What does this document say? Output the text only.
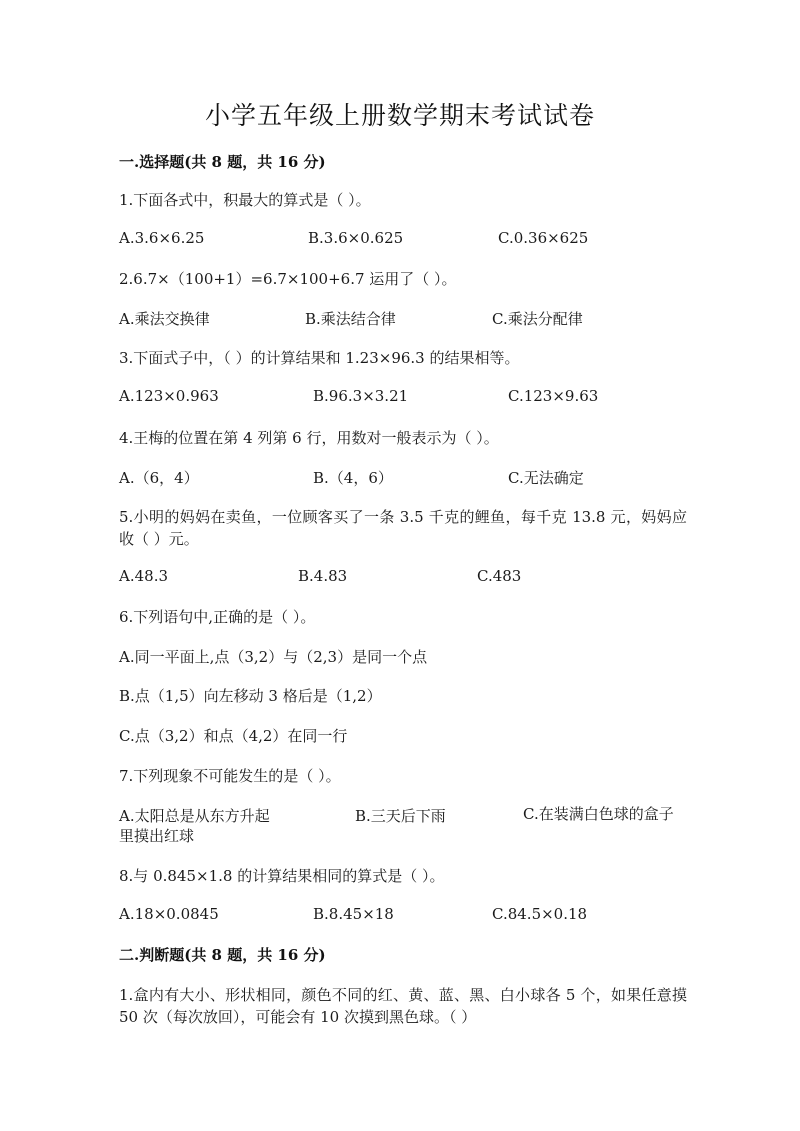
小学五年级上册数学期末考试试卷
一.选择题(共 8 题，共 16 分)
1.下面各式中，积最大的算式是（ ）。
A.3.6×6.25	B.3.6×0.625	C.0.36×625
2.6.7×（100+1）=6.7×100+6.7 运用了（ ）。
A.乘法交换律	B.乘法结合律	C.乘法分配律
3.下面式子中，（ ）的计算结果和 1.23×96.3 的结果相等。
A.123×0.963	B.96.3×3.21	C.123×9.63
4.王梅的位置在第 4 列第 6 行，用数对一般表示为（ ）。
A.（6，4）	B.（4，6）	C.无法确定
5.小明的妈妈在卖鱼，一位顾客买了一条 3.5 千克的鲤鱼，每千克 13.8 元，妈妈应收（ ）元。
A.48.3	B.4.83	C.483
6.下列语句中,正确的是（ ）。
A.同一平面上,点（3,2）与（2,3）是同一个点
B.点（1,5）向左移动 3 格后是（1,2）
C.点（3,2）和点（4,2）在同一行
7.下列现象不可能发生的是（ ）。
A.太阳总是从东方升起	B.三天后下雨	C.在装满白色球的盒子里摸出红球
8.与 0.845×1.8 的计算结果相同的算式是（ ）。
A.18×0.0845	B.8.45×18	C.84.5×0.18
二.判断题(共 8 题，共 16 分)
1.盒内有大小、形状相同，颜色不同的红、黄、蓝、黑、白小球各 5 个，如果任意摸 50 次（每次放回），可能会有 10 次摸到黑色球。（ ）
